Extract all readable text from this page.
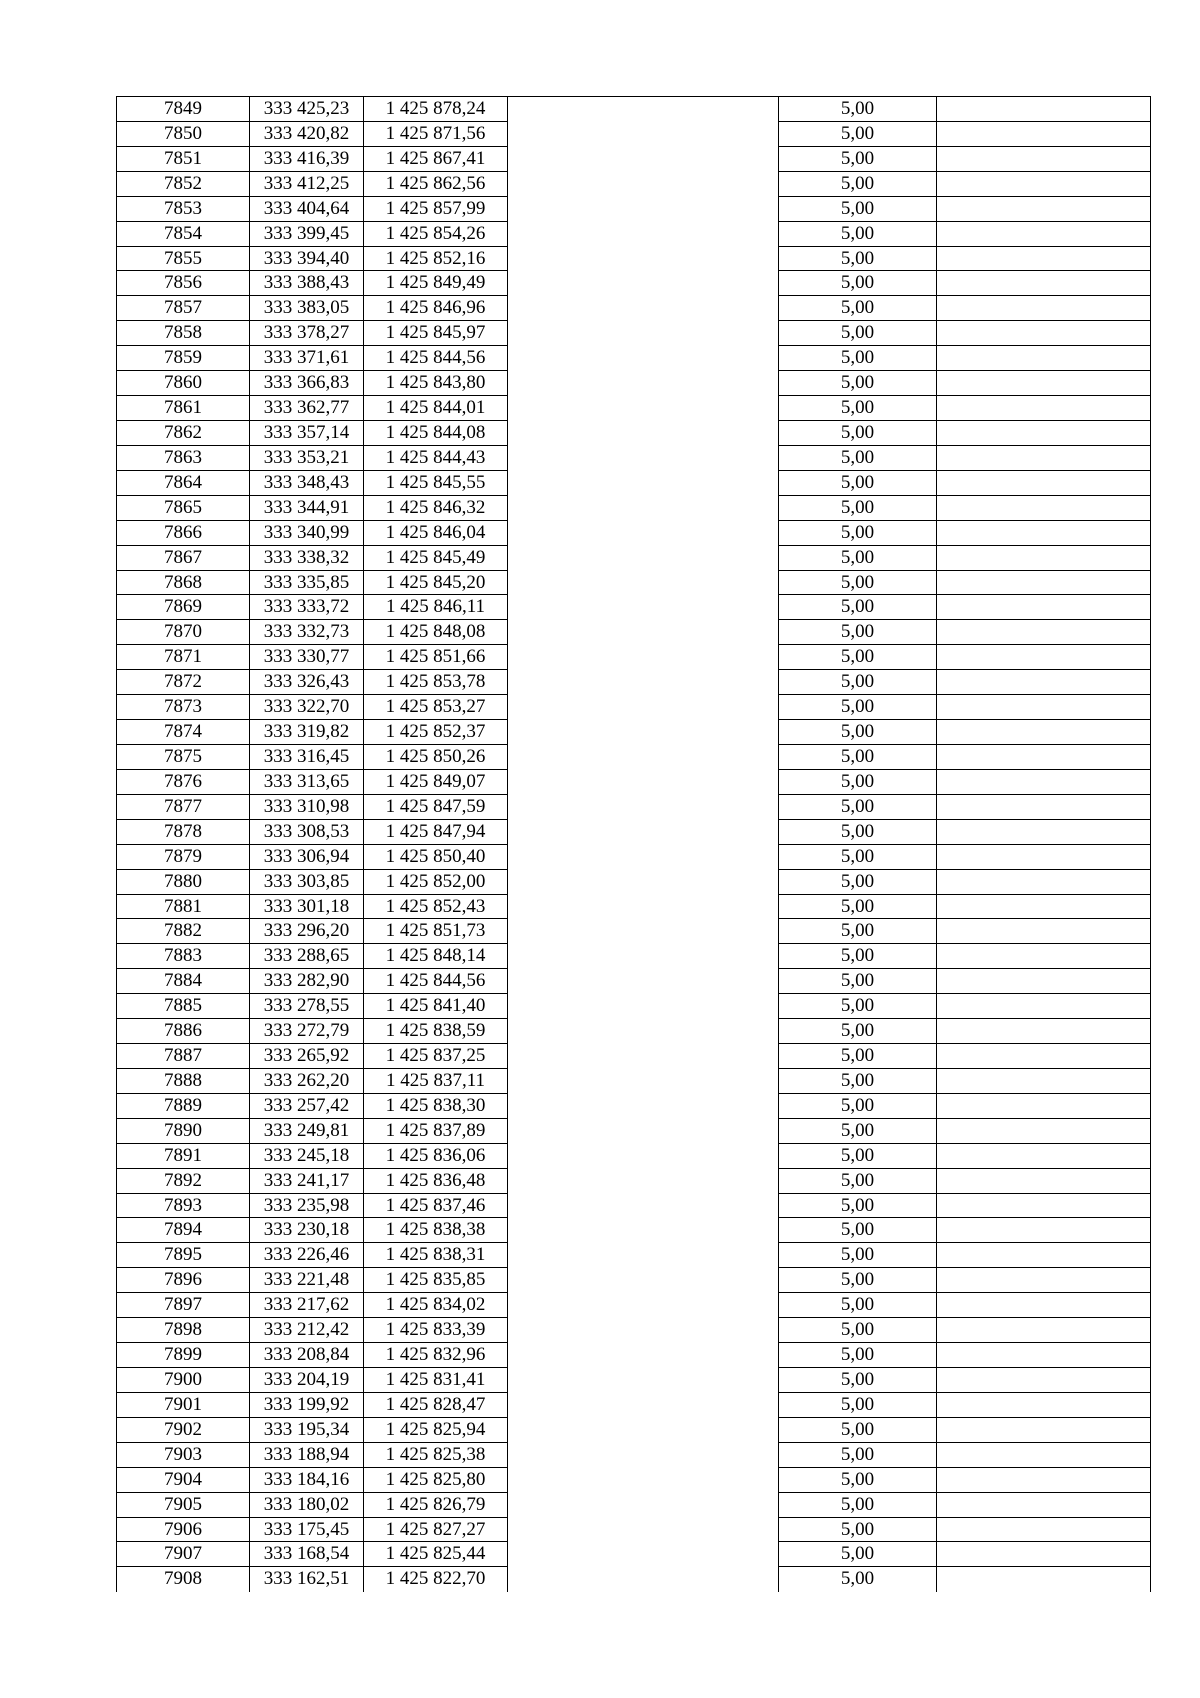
7849	333 425,23	1 425 878,24	5,00
7850	333 420,82	1 425 871,56	5,00
7851	333 416,39	1 425 867,41	5,00
7852	333 412,25	1 425 862,56	5,00
7853	333 404,64	1 425 857,99	5,00
7854	333 399,45	1 425 854,26	5,00
7855	333 394,40	1 425 852,16	5,00
7856	333 388,43	1 425 849,49	5,00
7857	333 383,05	1 425 846,96	5,00
7858	333 378,27	1 425 845,97	5,00
7859	333 371,61	1 425 844,56	5,00
7860	333 366,83	1 425 843,80	5,00
7861	333 362,77	1 425 844,01	5,00
7862	333 357,14	1 425 844,08	5,00
7863	333 353,21	1 425 844,43	5,00
7864	333 348,43	1 425 845,55	5,00
7865	333 344,91	1 425 846,32	5,00
7866	333 340,99	1 425 846,04	5,00
7867	333 338,32	1 425 845,49	5,00
7868	333 335,85	1 425 845,20	5,00
7869	333 333,72	1 425 846,11	5,00
7870	333 332,73	1 425 848,08	5,00
7871	333 330,77	1 425 851,66	5,00
7872	333 326,43	1 425 853,78	5,00
7873	333 322,70	1 425 853,27	5,00
7874	333 319,82	1 425 852,37	5,00
7875	333 316,45	1 425 850,26	5,00
7876	333 313,65	1 425 849,07	5,00
7877	333 310,98	1 425 847,59	5,00
7878	333 308,53	1 425 847,94	5,00
7879	333 306,94	1 425 850,40	5,00
7880	333 303,85	1 425 852,00	5,00
7881	333 301,18	1 425 852,43	5,00
7882	333 296,20	1 425 851,73	5,00
7883	333 288,65	1 425 848,14	5,00
7884	333 282,90	1 425 844,56	5,00
7885	333 278,55	1 425 841,40	5,00
7886	333 272,79	1 425 838,59	5,00
7887	333 265,92	1 425 837,25	5,00
7888	333 262,20	1 425 837,11	5,00
7889	333 257,42	1 425 838,30	5,00
7890	333 249,81	1 425 837,89	5,00
7891	333 245,18	1 425 836,06	5,00
7892	333 241,17	1 425 836,48	5,00
7893	333 235,98	1 425 837,46	5,00
7894	333 230,18	1 425 838,38	5,00
7895	333 226,46	1 425 838,31	5,00
7896	333 221,48	1 425 835,85	5,00
7897	333 217,62	1 425 834,02	5,00
7898	333 212,42	1 425 833,39	5,00
7899	333 208,84	1 425 832,96	5,00
7900	333 204,19	1 425 831,41	5,00
7901	333 199,92	1 425 828,47	5,00
7902	333 195,34	1 425 825,94	5,00
7903	333 188,94	1 425 825,38	5,00
7904	333 184,16	1 425 825,80	5,00
7905	333 180,02	1 425 826,79	5,00
7906	333 175,45	1 425 827,27	5,00
7907	333 168,54	1 425 825,44	5,00
7908	333 162,51	1 425 822,70	5,00
